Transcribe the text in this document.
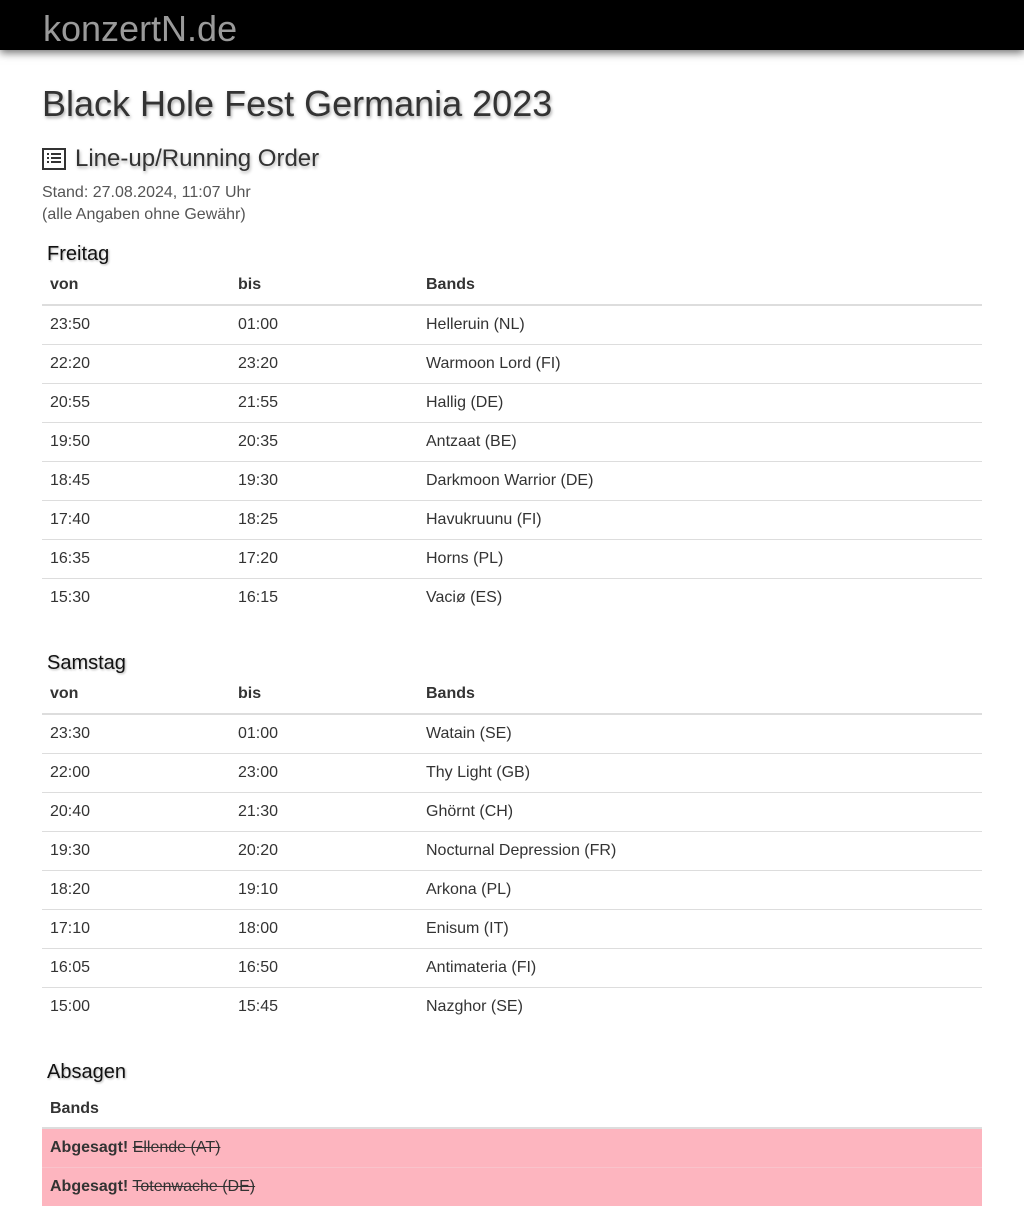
konzertN.de
Black Hole Fest Germania 2023
Line-up/Running Order
Stand: 27.08.2024, 11:07 Uhr
(alle Angaben ohne Gewähr)
Freitag
von	bis	Bands
23:50	01:00	Helleruin (NL)
22:20	23:20	Warmoon Lord (FI)
20:55	21:55	Hallig (DE)
19:50	20:35	Antzaat (BE)
18:45	19:30	Darkmoon Warrior (DE)
17:40	18:25	Havukruunu (FI)
16:35	17:20	Horns (PL)
15:30	16:15	Vaciø (ES)
Samstag
von	bis	Bands
23:30	01:00	Watain (SE)
22:00	23:00	Thy Light (GB)
20:40	21:30	Ghörnt (CH)
19:30	20:20	Nocturnal Depression (FR)
18:20	19:10	Arkona (PL)
17:10	18:00	Enisum (IT)
16:05	16:50	Antimateria (FI)
15:00	15:45	Nazghor (SE)
Absagen
Bands
Abgesagt! Ellende (AT)
Abgesagt! Totenwache (DE)
